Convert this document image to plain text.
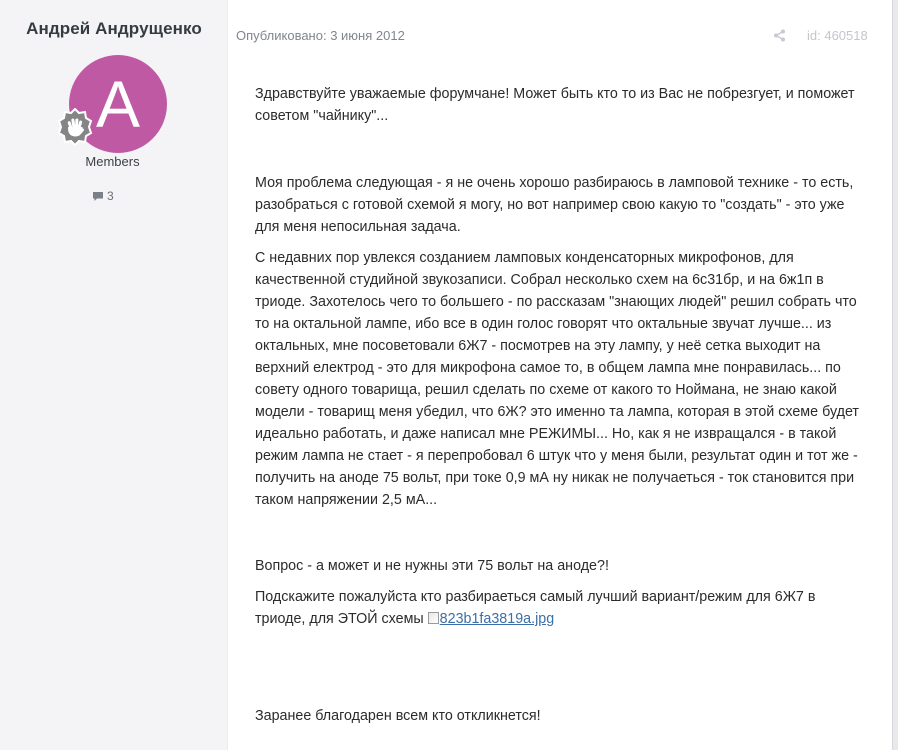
Андрей Андрущенко
A
Members
3
Опубликовано: 3 июня 2012	id: 460518

Здравствуйте уважаемые форумчане! Может быть кто то из Вас не побрезгует, и поможет советом "чайнику"...

Моя проблема следующая - я не очень хорошо разбираюсь в ламповой технике - то есть, разобраться с готовой схемой я могу, но вот например свою какую то "создать" - это уже для меня непосильная задача.

С недавних пор увлекся созданием ламповых конденсаторных микрофонов, для качественной студийной звукозаписи. Собрал несколько схем на 6с31бр, и на 6ж1п в триоде. Захотелось чего то большего - по рассказам "знающих людей" решил собрать что то на октальной лампе, ибо все в один голос говорят что октальные звучат лучше... из октальных, мне посоветовали 6Ж7 - посмотрев на эту лампу, у неё сетка выходит на верхний електрод - это для микрофона самое то, в общем лампа мне понравилась... по совету одного товарища, решил сделать по схеме от какого то Ноймана, не знаю какой модели - товарищ меня убедил, что 6Ж? это именно та лампа, которая в этой схеме будет идеально работать, и даже написал мне РЕЖИМЫ... Но, как я не извращался - в такой режим лампа не стает - я перепробовал 6 штук что у меня были, результат один и тот же - получить на аноде 75 вольт, при токе 0,9 мА ну никак не получаеться - ток становится при таком напряжении 2,5 мА...

Вопрос - а может и не нужны эти 75 вольт на аноде?!

Подскажите пожалуйста кто разбираеться самый лучший вариант/режим для 6Ж7 в триоде, для ЭТОЙ схемы 823b1fa3819a.jpg

Заранее благодарен всем кто откликнется!
